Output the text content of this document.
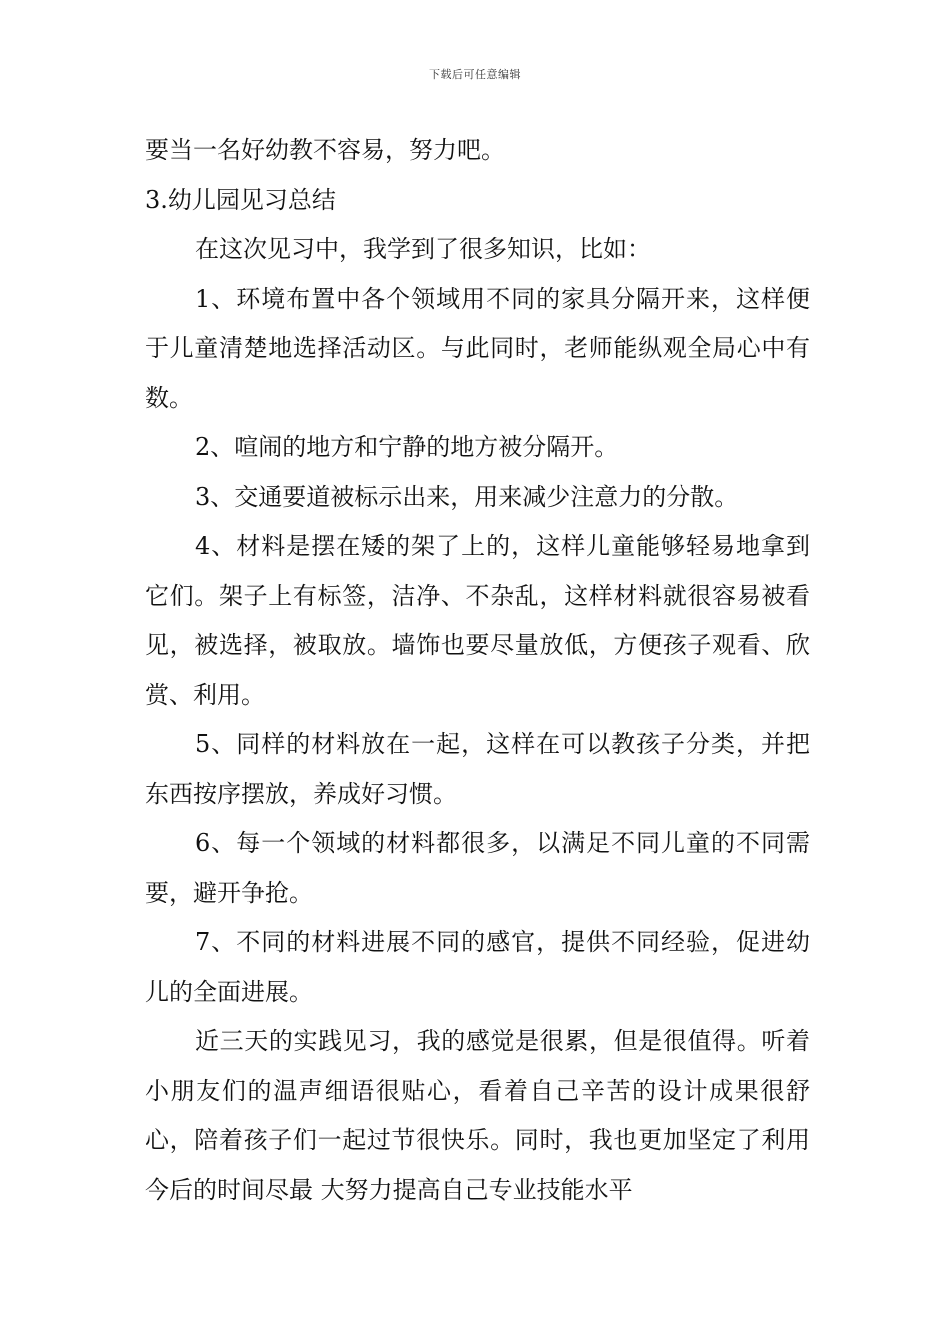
下载后可任意编辑

要当一名好幼教不容易，努力吧。

3.幼儿园见习总结

在这次见习中，我学到了很多知识，比如：

1、环境布置中各个领域用不同的家具分隔开来，这样便于儿童清楚地选择活动区。与此同时，老师能纵观全局心中有数。

2、喧闹的地方和宁静的地方被分隔开。

3、交通要道被标示出来，用来减少注意力的分散。

4、材料是摆在矮的架了上的，这样儿童能够轻易地拿到它们。架子上有标签，洁净、不杂乱，这样材料就很容易被看见，被选择，被取放。墙饰也要尽量放低，方便孩子观看、欣赏、利用。

5、同样的材料放在一起，这样在可以教孩子分类，并把东西按序摆放，养成好习惯。

6、每一个领域的材料都很多，以满足不同儿童的不同需要，避开争抢。

7、不同的材料进展不同的感官，提供不同经验，促进幼儿的全面进展。

近三天的实践见习，我的感觉是很累，但是很值得。听着小朋友们的温声细语很贴心，看着自己辛苦的设计成果很舒心，陪着孩子们一起过节很快乐。同时，我也更加坚定了利用今后的时间尽最 大努力提高自己专业技能水平
